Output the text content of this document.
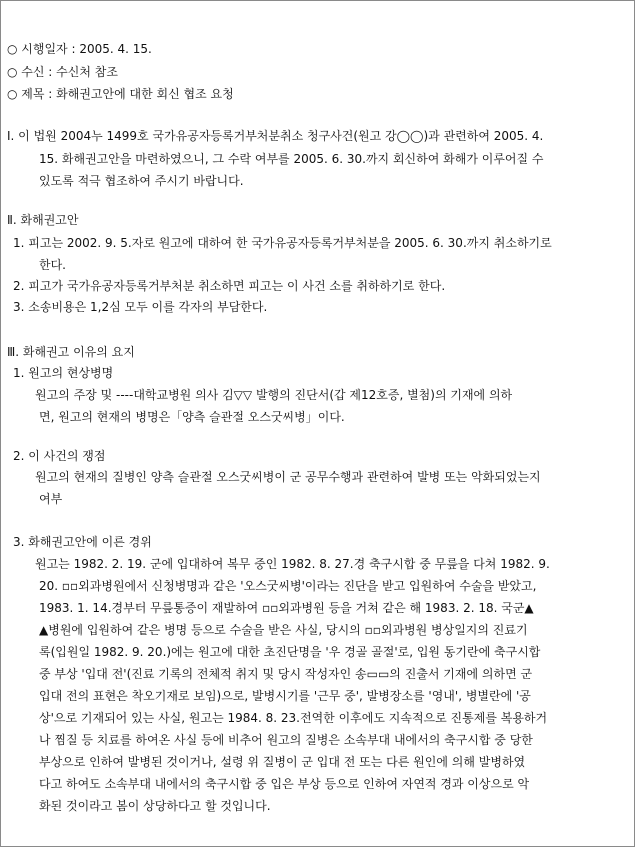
○ 시행일자 : 2005. 4. 15.
○ 수신 : 수신처 참조
○ 제목 : 화해권고안에 대한 회신 협조 요청
Ⅰ. 이 법원 2004누 1499호 국가유공자등록거부처분취소 청구사건(원고 강◯◯)과 관련하여 2005. 4.
15. 화해권고안을 마련하였으니, 그 수락 여부를 2005. 6. 30.까지 회신하여 화해가 이루어질 수
있도록 적극 협조하여 주시기 바랍니다.
Ⅱ. 화해권고안
1. 피고는 2002. 9. 5.자로 원고에 대하여 한 국가유공자등록거부처분을 2005. 6. 30.까지 취소하기로
한다.
2. 피고가 국가유공자등록거부처분 취소하면 피고는 이 사건 소를 취하하기로 한다.
3. 소송비용은 1,2심 모두 이를 각자의 부담한다.
Ⅲ. 화해권고 이유의 요지
1. 원고의 현상병명
원고의 주장 및 ----대학교병원 의사 김▽▽ 발행의 진단서(갑 제12호증, 별첨)의 기재에 의하
면, 원고의 현재의 병명은「양측 슬관절 오스굿씨병」이다.
2. 이 사건의 쟁점
원고의 현재의 질병인 양측 슬관절 오스굿씨병이 군 공무수행과 관련하여 발병 또는 악화되었는지
여부
3. 화해권고안에 이른 경위
원고는 1982. 2. 19. 군에 입대하여 복무 중인 1982. 8. 27.경 축구시합 중 무릎을 다쳐 1982. 9.
20. ▫▫외과병원에서 신청병명과 같은 '오스굿씨병'이라는 진단을 받고 입원하여 수술을 받았고,
1983. 1. 14.경부터 무릎통증이 재발하여 ▫▫외과병원 등을 거쳐 같은 해 1983. 2. 18. 국군▲
▲병원에 입원하여 같은 병명 등으로 수술을 받은 사실, 당시의 ▫▫외과병원 병상일지의 진료기
록(입원일 1982. 9. 20.)에는 원고에 대한 초진단명을 '우 경골 골절'로, 입원 동기란에 축구시합
중 부상 '입대 전'(진료 기록의 전체적 취지 및 당시 작성자인 송▭▭의 진출서 기재에 의하면 군
입대 전의 표현은 착오기재로 보임)으로, 발병시기를 '근무 중', 발병장소를 '영내', 병별란에 '공
상'으로 기재되어 있는 사실, 원고는 1984. 8. 23.전역한 이후에도 지속적으로 진통제를 복용하거
나 찜질 등 치료를 하여온 사실 등에 비추어 원고의 질병은 소속부대 내에서의 축구시합 중 당한
부상으로 인하여 발병된 것이거나, 설령 위 질병이 군 입대 전 또는 다른 원인에 의해 발병하였
다고 하여도 소속부대 내에서의 축구시합 중 입은 부상 등으로 인하여 자연적 경과 이상으로 악
화된 것이라고 봄이 상당하다고 할 것입니다.
